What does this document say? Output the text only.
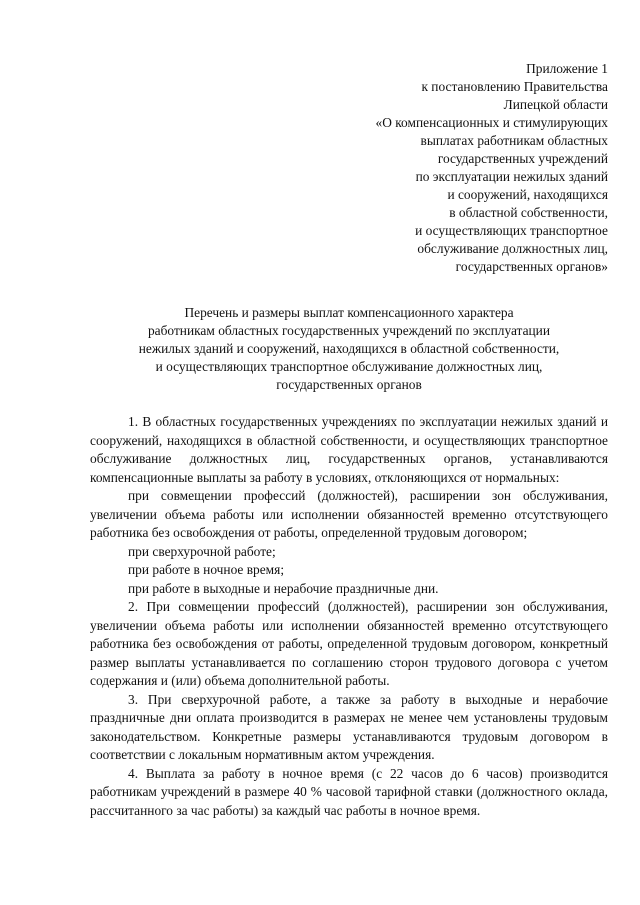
Приложение 1
к постановлению Правительства
Липецкой области
«О компенсационных и стимулирующих
выплатах работникам областных
государственных учреждений
по эксплуатации нежилых зданий
и сооружений, находящихся
в областной собственности,
и осуществляющих транспортное
обслуживание должностных лиц,
государственных органов»
Перечень и размеры выплат компенсационного характера
работникам областных государственных учреждений по эксплуатации
нежилых зданий и сооружений, находящихся в областной собственности,
и осуществляющих транспортное обслуживание должностных лиц,
государственных органов

1. В областных государственных учреждениях по эксплуатации нежилых зданий и сооружений, находящихся в областной собственности, и осуществляющих транспортное обслуживание должностных лиц, государственных органов, устанавливаются компенсационные выплаты за работу в условиях, отклоняющихся от нормальных:

при совмещении профессий (должностей), расширении зон обслуживания, увеличении объема работы или исполнении обязанностей временно отсутствующего работника без освобождения от работы, определенной трудовым договором;

при сверхурочной работе;

при работе в ночное время;

при работе в выходные и нерабочие праздничные дни.

2. При совмещении профессий (должностей), расширении зон обслуживания, увеличении объема работы или исполнении обязанностей временно отсутствующего работника без освобождения от работы, определенной трудовым договором, конкретный размер выплаты устанавливается по соглашению сторон трудового договора с учетом содержания и (или) объема дополнительной работы.

3. При сверхурочной работе, а также за работу в выходные и нерабочие праздничные дни оплата производится в размерах не менее чем установлены трудовым законодательством. Конкретные размеры устанавливаются трудовым договором в соответствии с локальным нормативным актом учреждения.

4. Выплата за работу в ночное время (с 22 часов до 6 часов) производится работникам учреждений в размере 40 % часовой тарифной ставки (должностного оклада, рассчитанного за час работы) за каждый час работы в ночное время.
